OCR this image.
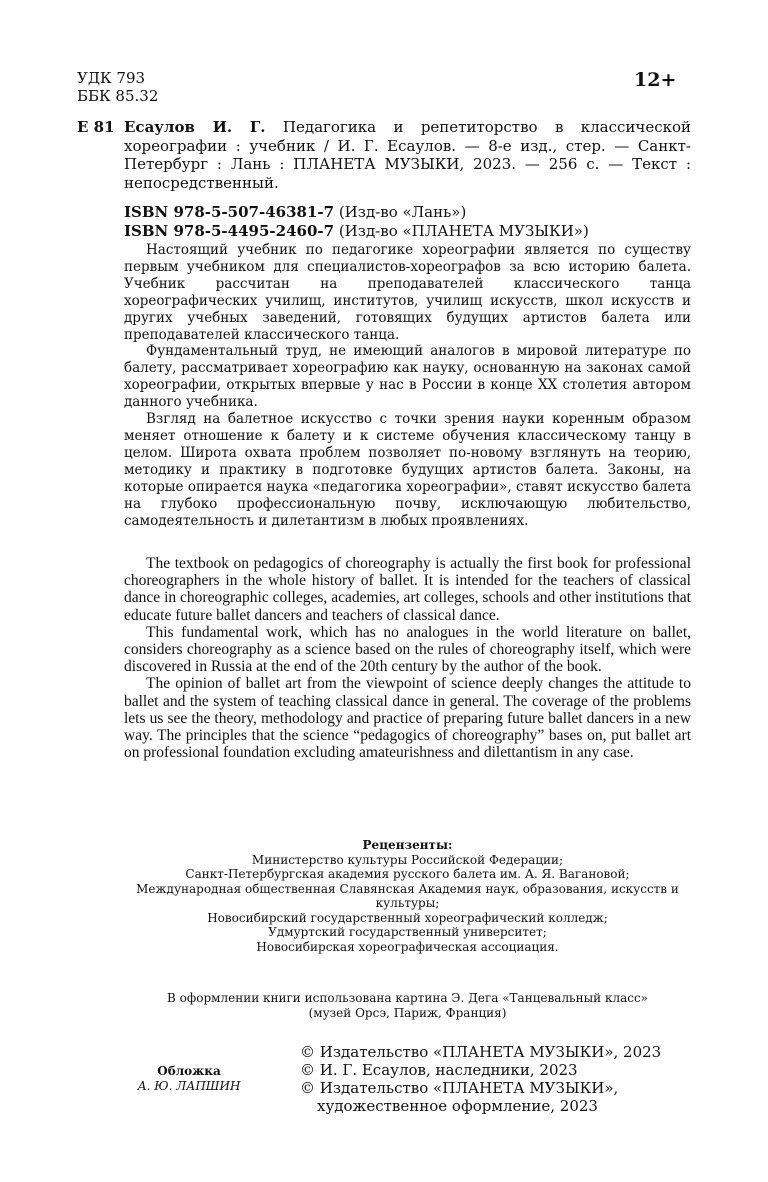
УДК 793
ББК 85.32
12+
Е 81 Есаулов И. Г. Педагогика и репетиторство в классической хореографии : учебник / И. Г. Есаулов. — 8-е изд., стер. — Санкт-Петербург : Лань : ПЛАНЕТА МУЗЫКИ, 2023. — 256 с. — Текст : непосредственный.
ISBN 978-5-507-46381-7 (Изд-во «Лань»)
ISBN 978-5-4495-2460-7 (Изд-во «ПЛАНЕТА МУЗЫКИ»)

Настоящий учебник по педагогике хореографии является по существу первым учебником для специалистов-хореографов за всю историю балета. Учебник рассчитан на преподавателей классического танца хореографических училищ, институтов, училищ искусств, школ искусств и других учебных заведений, готовящих будущих артистов балета или преподавателей классического танца.

Фундаментальный труд, не имеющий аналогов в мировой литературе по балету, рассматривает хореографию как науку, основанную на законах самой хореографии, открытых впервые у нас в России в конце XX столетия автором данного учебника.

Взгляд на балетное искусство с точки зрения науки коренным образом меняет отношение к балету и к системе обучения классическому танцу в целом. Широта охвата проблем позволяет по-новому взглянуть на теорию, методику и практику в подготовке будущих артистов балета. Законы, на которые опирается наука «педагогика хореографии», ставят искусство балета на глубоко профессиональную почву, исключающую любительство, самодеятельность и дилетантизм в любых проявлениях.

The textbook on pedagogics of choreography is actually the first book for professional choreographers in the whole history of ballet. It is intended for the teachers of classical dance in choreographic colleges, academies, art colleges, schools and other institutions that educate future ballet dancers and teachers of classical dance.

This fundamental work, which has no analogues in the world literature on ballet, considers choreography as a science based on the rules of choreography itself, which were discovered in Russia at the end of the 20th century by the author of the book.

The opinion of ballet art from the viewpoint of science deeply changes the attitude to ballet and the system of teaching classical dance in general. The coverage of the problems lets us see the theory, methodology and practice of preparing future ballet dancers in a new way. The principles that the science “pedagogics of choreography” bases on, put ballet art on professional foundation excluding amateurishness and dilettantism in any case.

Рецензенты:
Министерство культуры Российской Федерации;
Санкт-Петербургская академия русского балета им. А. Я. Вагановой;
Международная общественная Славянская Академия наук, образования, искусств и культуры;
Новосибирский государственный хореографический колледж;
Удмуртский государственный университет;
Новосибирская хореографическая ассоциация.
В оформлении книги использована картина Э. Дега «Танцевальный класс»
(музей Орсэ, Париж, Франция)
Обложка
А. Ю. ЛАПШИН
© Издательство «ПЛАНЕТА МУЗЫКИ», 2023
© И. Г. Есаулов, наследники, 2023
© Издательство «ПЛАНЕТА МУЗЫКИ»,
художественное оформление, 2023
